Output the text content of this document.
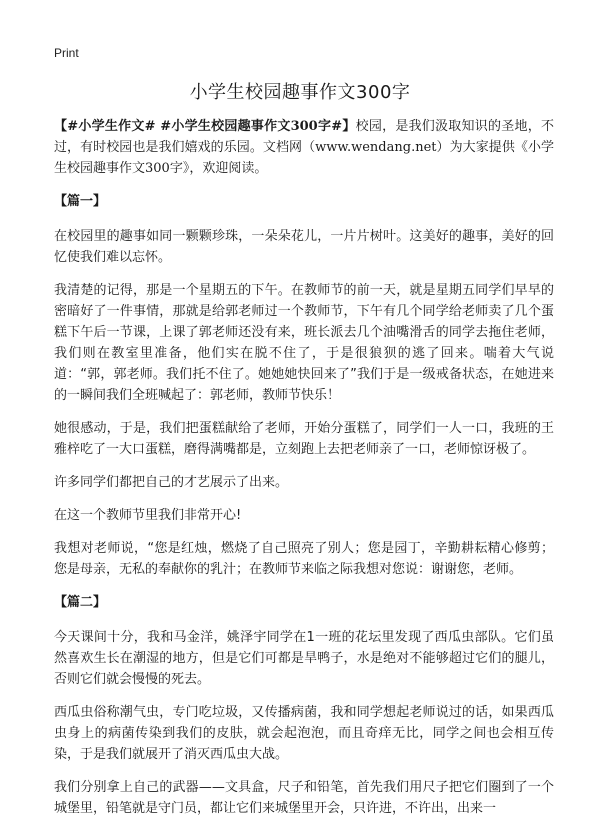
Print
小学生校园趣事作文300字

【#小学生作文# #小学生校园趣事作文300字#】校园，是我们汲取知识的圣地，不过，有时校园也是我们嬉戏的乐园。文档网（www.wendang.net）为大家提供《小学生校园趣事作文300字》，欢迎阅读。

【篇一】

在校园里的趣事如同一颗颗珍珠，一朵朵花儿，一片片树叶。这美好的趣事，美好的回忆使我们难以忘怀。

我清楚的记得，那是一个星期五的下午。在教师节的前一天，就是星期五同学们早早的密暗好了一件事情，那就是给郭老师过一个教师节，下午有几个同学给老师卖了几个蛋糕下午后一节课，上课了郭老师还没有来，班长派去几个油嘴滑舌的同学去拖住老师，我们则在教室里准备，他们实在脱不住了，于是很狼狈的逃了回来。喘着大气说道：“郭，郭老师。我们托不住了。她她她快回来了”我们于是一级戒备状态，在她进来的一瞬间我们全班喊起了：郭老师，教师节快乐！

她很感动，于是，我们把蛋糕献给了老师，开始分蛋糕了，同学们一人一口，我班的王雅梓吃了一大口蛋糕，磨得满嘴都是，立刻跑上去把老师亲了一口，老师惊讶极了。

许多同学们都把自己的才艺展示了出来。

在这一个教师节里我们非常开心!

我想对老师说，“您是红烛，燃烧了自己照亮了别人；您是园丁，辛勤耕耘精心修剪；您是母亲，无私的奉献你的乳汁；在教师节来临之际我想对您说：谢谢您，老师。

【篇二】

今天课间十分，我和马金洋，姚泽宇同学在1一班的花坛里发现了西瓜虫部队。它们虽然喜欢生长在潮湿的地方，但是它们可都是旱鸭子，水是绝对不能够超过它们的腿儿，否则它们就会慢慢的死去。

西瓜虫俗称潮气虫，专门吃垃圾，又传播病菌，我和同学想起老师说过的话，如果西瓜虫身上的病菌传染到我们的皮肤，就会起泡泡，而且奇痒无比，同学之间也会相互传染，于是我们就展开了消灭西瓜虫大战。

我们分别拿上自己的武器——文具盒，尺子和铅笔，首先我们用尺子把它们圈到了一个城堡里，铅笔就是守门员，都让它们来城堡里开会，只许进，不许出，出来一
